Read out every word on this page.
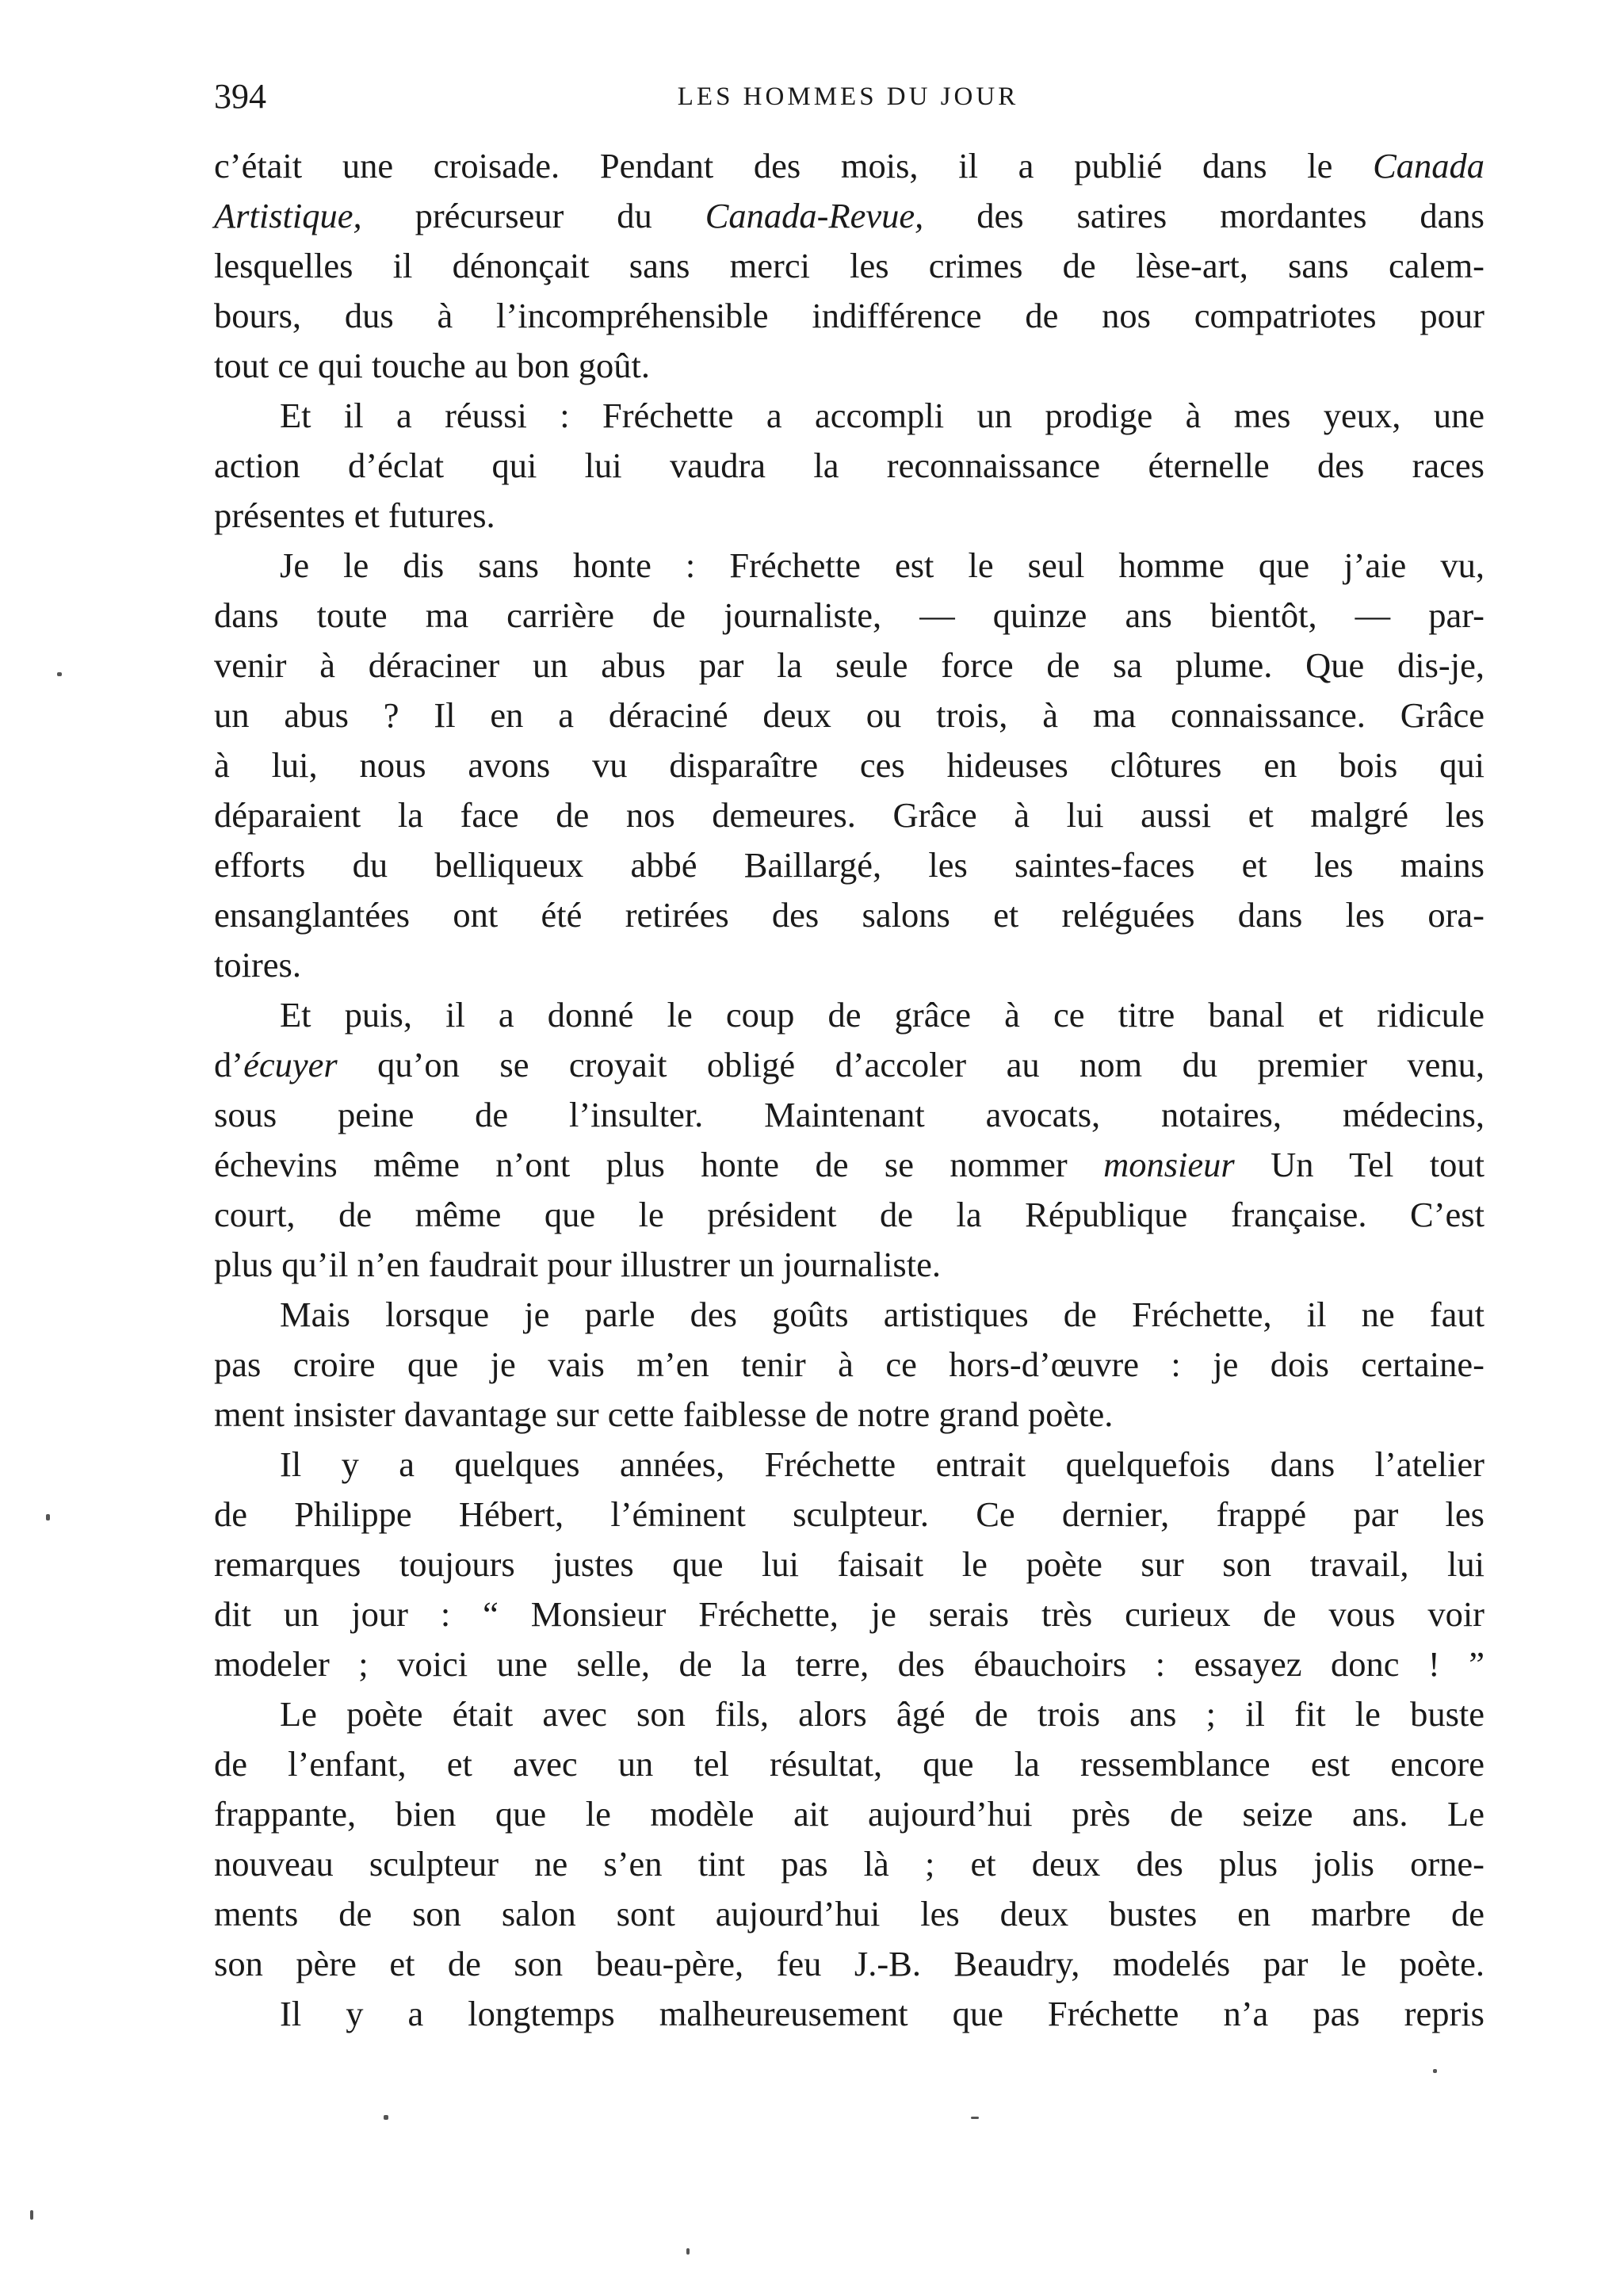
394	LES HOMMES DU JOUR
c’était une croisade. Pendant des mois, il a publié dans le Canada
Artistique, précurseur du Canada-Revue, des satires mordantes dans
lesquelles il dénonçait sans merci les crimes de lèse-art, sans calem-
bours, dus à l’incompréhensible indifférence de nos compatriotes pour
tout ce qui touche au bon goût.
Et il a réussi : Fréchette a accompli un prodige à mes yeux, une
action d’éclat qui lui vaudra la reconnaissance éternelle des races
présentes et futures.
Je le dis sans honte : Fréchette est le seul homme que j’aie vu,
dans toute ma carrière de journaliste, — quinze ans bientôt, — par-
venir à déraciner un abus par la seule force de sa plume. Que dis-je,
un abus ? Il en a déraciné deux ou trois, à ma connaissance. Grâce
à lui, nous avons vu disparaître ces hideuses clôtures en bois qui
déparaient la face de nos demeures. Grâce à lui aussi et malgré les
efforts du belliqueux abbé Baillargé, les saintes-faces et les mains
ensanglantées ont été retirées des salons et reléguées dans les ora-
toires.
Et puis, il a donné le coup de grâce à ce titre banal et ridicule
d’écuyer qu’on se croyait obligé d’accoler au nom du premier venu,
sous peine de l’insulter. Maintenant avocats, notaires, médecins,
échevins même n’ont plus honte de se nommer monsieur Un Tel tout
court, de même que le président de la République française. C’est
plus qu’il n’en faudrait pour illustrer un journaliste.
Mais lorsque je parle des goûts artistiques de Fréchette, il ne faut
pas croire que je vais m’en tenir à ce hors-d’œuvre : je dois certaine-
ment insister davantage sur cette faiblesse de notre grand poète.
Il y a quelques années, Fréchette entrait quelquefois dans l’atelier
de Philippe Hébert, l’éminent sculpteur. Ce dernier, frappé par les
remarques toujours justes que lui faisait le poète sur son travail, lui
dit un jour : “ Monsieur Fréchette, je serais très curieux de vous voir
modeler ; voici une selle, de la terre, des ébauchoirs : essayez donc ! ”
Le poète était avec son fils, alors âgé de trois ans ; il fit le buste
de l’enfant, et avec un tel résultat, que la ressemblance est encore
frappante, bien que le modèle ait aujourd’hui près de seize ans. Le
nouveau sculpteur ne s’en tint pas là ; et deux des plus jolis orne-
ments de son salon sont aujourd’hui les deux bustes en marbre de
son père et de son beau-père, feu J.-B. Beaudry, modelés par le poète.
Il y a longtemps malheureusement que Fréchette n’a pas repris
